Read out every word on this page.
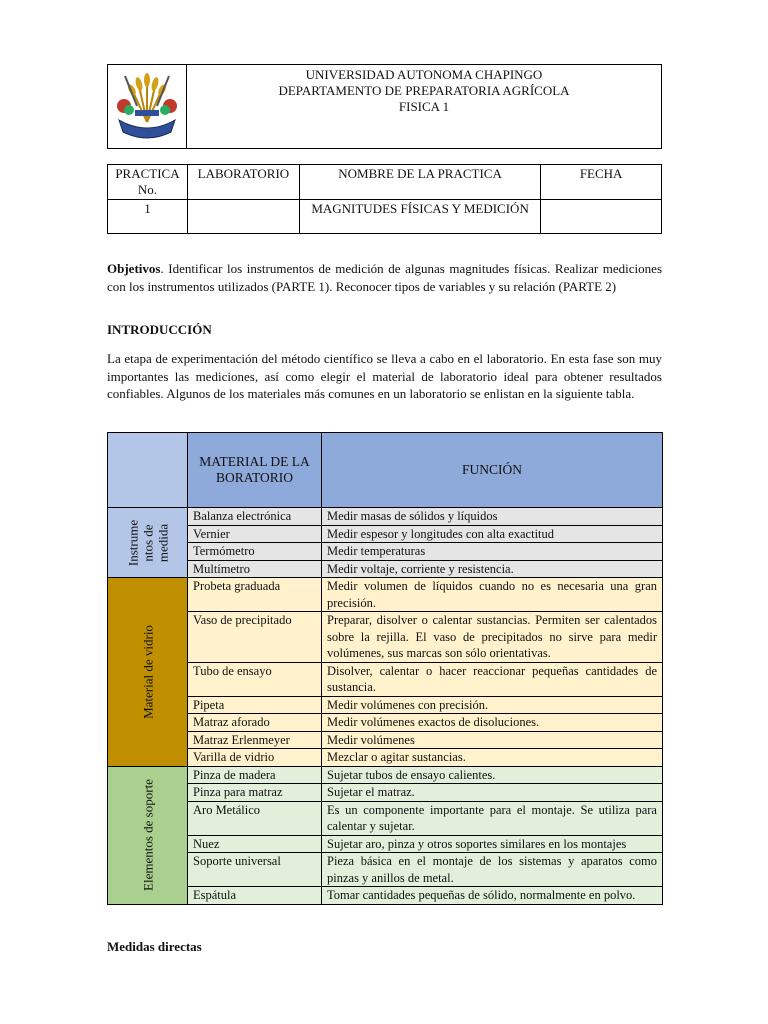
UNIVERSIDAD AUTONOMA CHAPINGO
DEPARTAMENTO DE PREPARATORIA AGRÍCOLA
FISICA 1
PRACTICA No.	LABORATORIO	NOMBRE DE LA PRACTICA	FECHA
1		MAGNITUDES FÍSICAS Y MEDICIÓN	

Objetivos. Identificar los instrumentos de medición de algunas magnitudes físicas. Realizar mediciones con los instrumentos utilizados (PARTE 1). Reconocer tipos de variables y su relación (PARTE 2)

INTRODUCCIÓN

La etapa de experimentación del método científico se lleva a cabo en el laboratorio. En esta fase son muy importantes las mediciones, así como elegir el material de laboratorio ideal para obtener resultados confiables. Algunos de los materiales más comunes en un laboratorio se enlistan en la siguiente tabla.

	MATERIAL DE LA BORATORIO	FUNCIÓN

Instrume ntos de medida	Balanza electrónica	Medir masas de sólidos y líquidos
	Vernier	Medir espesor y longitudes con alta exactitud
	Termómetro	Medir temperaturas
	Multímetro	Medir voltaje, corriente y resistencia.

Material de vidrio	Probeta graduada	Medir volumen de líquidos cuando no es necesaria una gran precisión.
	Vaso de precipitado	Preparar, disolver o calentar sustancias. Permiten ser calentados sobre la rejilla. El vaso de precipitados no sirve para medir volúmenes, sus marcas son sólo orientativas.
	Tubo de ensayo	Disolver, calentar o hacer reaccionar pequeñas cantidades de sustancia.
	Pipeta	Medir volúmenes con precisión.
	Matraz aforado	Medir volúmenes exactos de disoluciones.
	Matraz Erlenmeyer	Medir volúmenes
	Varilla de vidrio	Mezclar o agitar sustancias.

Elementos de soporte	Pinza de madera	Sujetar tubos de ensayo calientes.
	Pinza para matraz	Sujetar el matraz.
	Aro Metálico	Es un componente importante para el montaje. Se utiliza para calentar y sujetar.
	Nuez	Sujetar aro, pinza y otros soportes similares en los montajes
	Soporte universal	Pieza básica en el montaje de los sistemas y aparatos como pinzas y anillos de metal.
	Espátula	Tomar cantidades pequeñas de sólido, normalmente en polvo.

Medidas directas
